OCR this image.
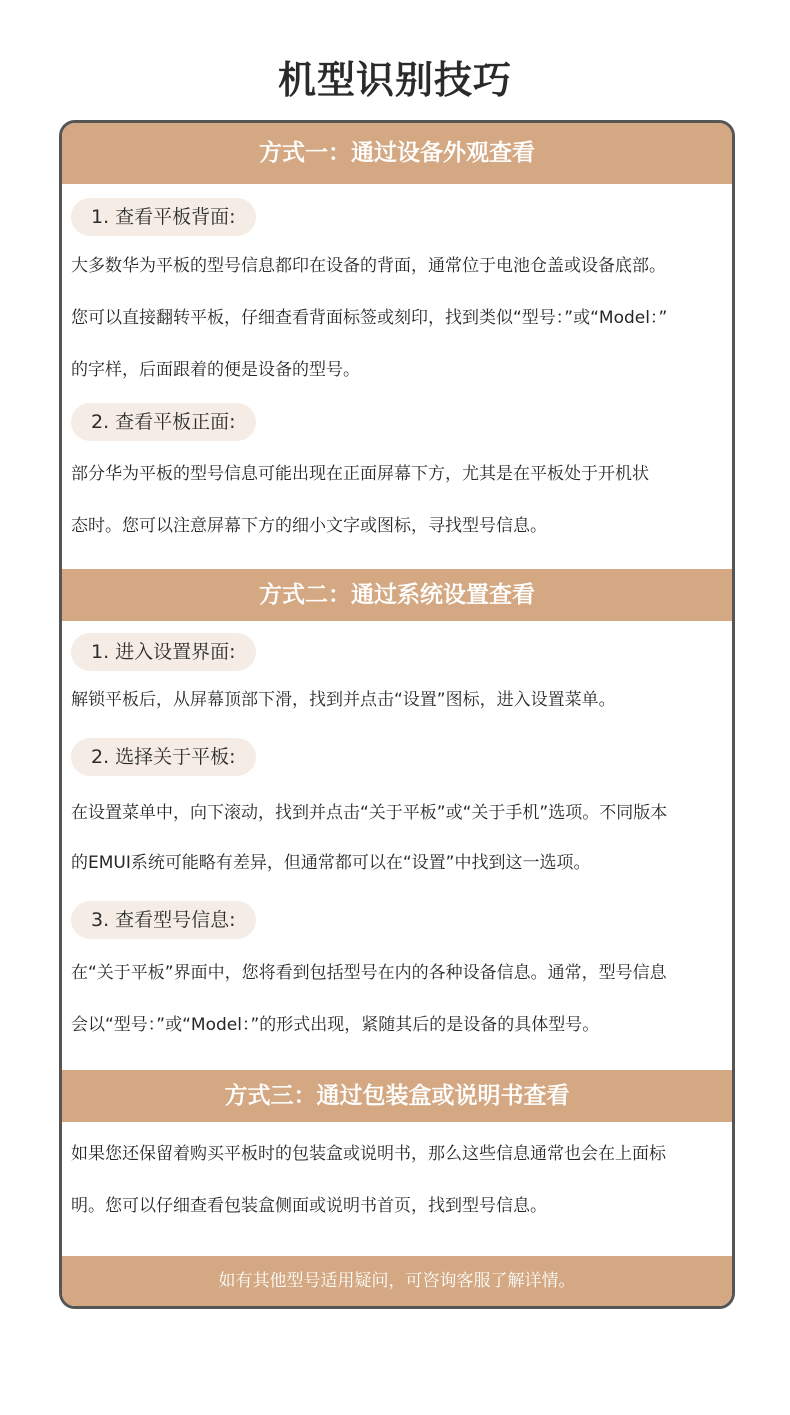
机型识别技巧
方式一：通过设备外观查看
1. 查看平板背面:
大多数华为平板的型号信息都印在设备的背面，通常位于电池仓盖或设备底部。
您可以直接翻转平板，仔细查看背面标签或刻印，找到类似“型号：”或“Model：”
的字样，后面跟着的便是设备的型号。
2. 查看平板正面:
部分华为平板的型号信息可能出现在正面屏幕下方，尤其是在平板处于开机状
态时。您可以注意屏幕下方的细小文字或图标，寻找型号信息。
方式二：通过系统设置查看
1. 进入设置界面:
解锁平板后，从屏幕顶部下滑，找到并点击“设置”图标，进入设置菜单。
2. 选择关于平板:
在设置菜单中，向下滚动，找到并点击“关于平板”或“关于手机”选项。不同版本
的EMUI系统可能略有差异，但通常都可以在“设置”中找到这一选项。
3. 查看型号信息:
在“关于平板”界面中，您将看到包括型号在内的各种设备信息。通常，型号信息
会以“型号：”或“Model：”的形式出现，紧随其后的是设备的具体型号。
方式三：通过包装盒或说明书查看
如果您还保留着购买平板时的包装盒或说明书，那么这些信息通常也会在上面标
明。您可以仔细查看包装盒侧面或说明书首页，找到型号信息。
如有其他型号适用疑问，可咨询客服了解详情。
